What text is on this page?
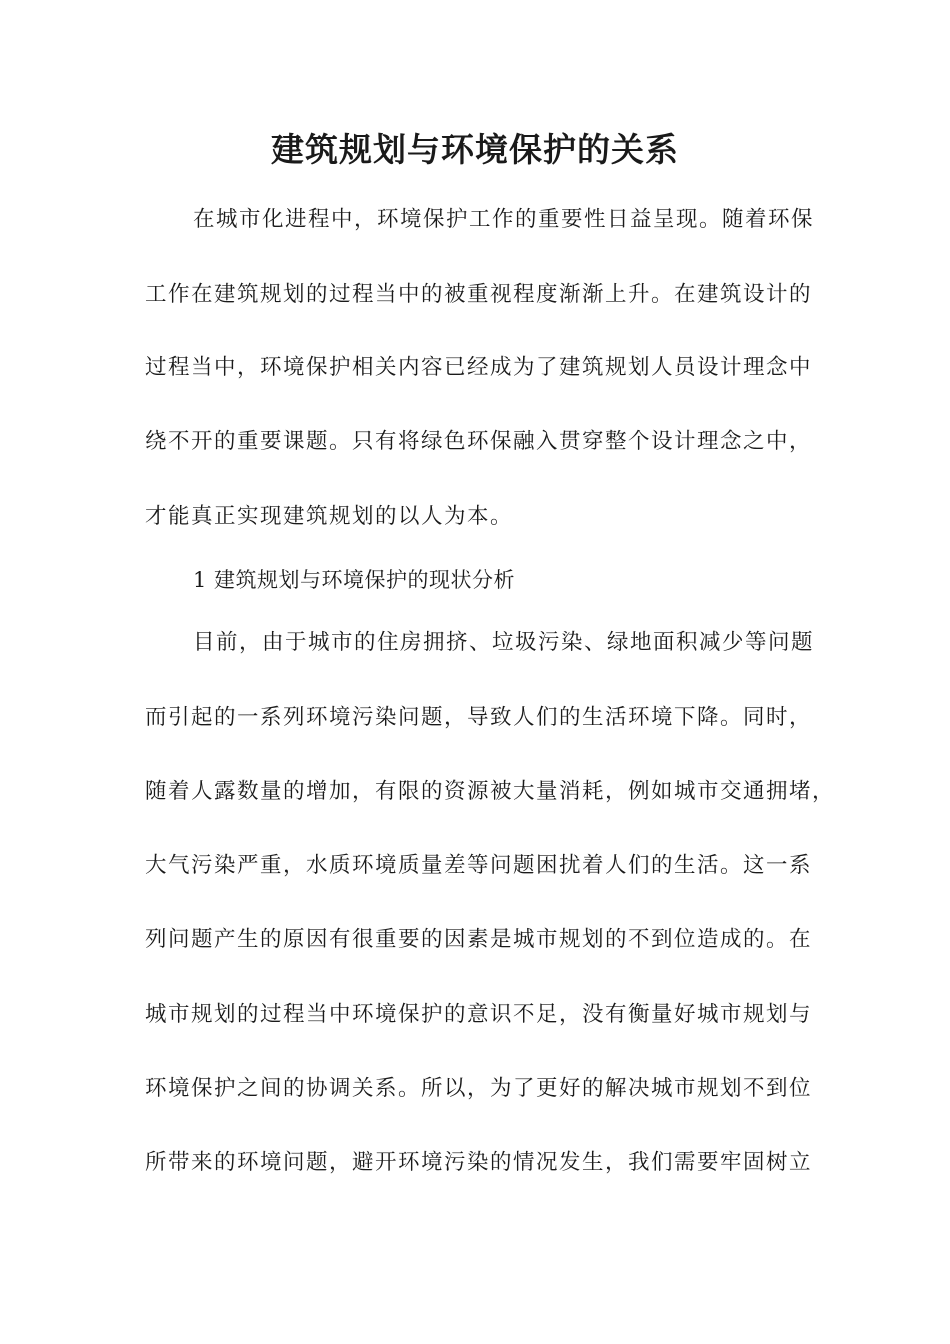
建筑规划与环境保护的关系
在城市化进程中，环境保护工作的重要性日益呈现。随着环保
工作在建筑规划的过程当中的被重视程度渐渐上升。在建筑设计的
过程当中，环境保护相关内容已经成为了建筑规划人员设计理念中
绕不开的重要课题。只有将绿色环保融入贯穿整个设计理念之中，
才能真正实现建筑规划的以人为本。
1 建筑规划与环境保护的现状分析
目前，由于城市的住房拥挤、垃圾污染、绿地面积减少等问题
而引起的一系列环境污染问题，导致人们的生活环境下降。同时，
随着人露数量的增加，有限的资源被大量消耗，例如城市交通拥堵，
大气污染严重，水质环境质量差等问题困扰着人们的生活。这一系
列问题产生的原因有很重要的因素是城市规划的不到位造成的。在
城市规划的过程当中环境保护的意识不足，没有衡量好城市规划与
环境保护之间的协调关系。所以，为了更好的解决城市规划不到位
所带来的环境问题，避开环境污染的情况发生，我们需要牢固树立
